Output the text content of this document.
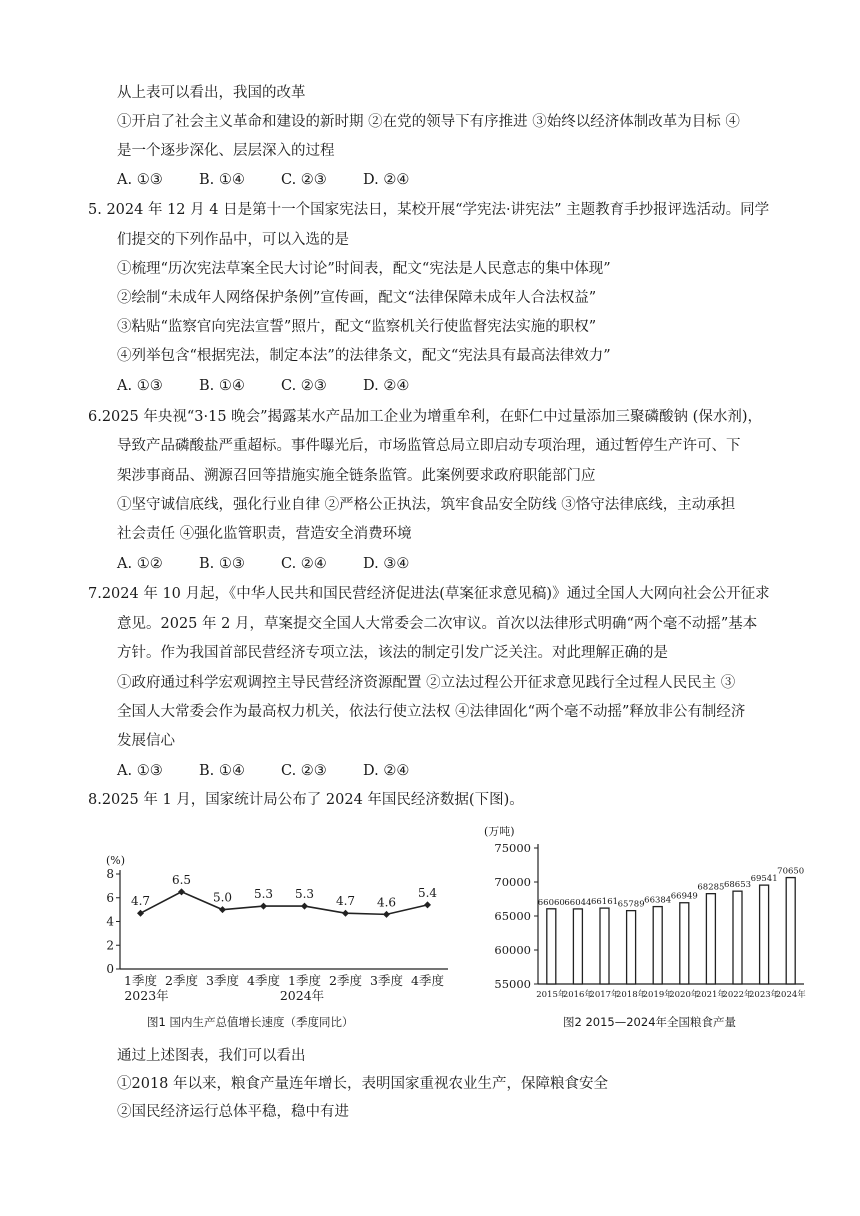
从上表可以看出，我国的改革
①开启了社会主义革命和建设的新时期 ②在党的领导下有序推进 ③始终以经济体制改革为目标 ④
是一个逐步深化、层层深入的过程
A. ①③	B. ①④ C. ②③ D. ②④
5. 2024 年 12 月 4 日是第十一个国家宪法日，某校开展“学宪法·讲宪法” 主题教育手抄报评选活动。同学
们提交的下列作品中，可以入选的是
①梳理“历次宪法草案全民大讨论”时间表，配文“宪法是人民意志的集中体现”
②绘制“未成年人网络保护条例”宣传画，配文“法律保障未成年人合法权益”
③粘贴“监察官向宪法宣誓”照片，配文“监察机关行使监督宪法实施的职权”
④列举包含“根据宪法，制定本法”的法律条文，配文“宪法具有最高法律效力”
A. ①③	B. ①④ C. ②③ D. ②④
6.2025 年央视“3·15 晚会”揭露某水产品加工企业为增重牟利，在虾仁中过量添加三聚磷酸钠 (保水剂)，
导致产品磷酸盐严重超标。事件曝光后，市场监管总局立即启动专项治理，通过暂停生产许可、下
架涉事商品、溯源召回等措施实施全链条监管。此案例要求政府职能部门应
①坚守诚信底线，强化行业自律 ②严格公正执法，筑牢食品安全防线 ③恪守法律底线，主动承担
社会责任 ④强化监管职责，营造安全消费环境
A. ①②	B. ①③ C. ②④ D. ③④
7.2024 年 10 月起，《中华人民共和国民营经济促进法(草案征求意见稿)》通过全国人大网向社会公开征求
意见。2025 年 2 月，草案提交全国人大常委会二次审议。首次以法律形式明确“两个毫不动摇”基本
方针。作为我国首部民营经济专项立法，该法的制定引发广泛关注。对此理解正确的是
①政府通过科学宏观调控主导民营经济资源配置 ②立法过程公开征求意见践行全过程人民民主 ③
全国人大常委会作为最高权力机关，依法行使立法权 ④法律固化“两个毫不动摇”释放非公有制经济
发展信心
A. ①③	B. ①④ C. ②③ D. ②④
8.2025 年 1 月，国家统计局公布了 2024 年国民经济数据(下图)。
(%)
0
2
4
6
8
1季度 2季度 3季度 4季度 1季度 2季度 3季度 4季度
2023年	2024年
4.7
6.5
5.0 5.3 5.3
4.7 4.6
5.4
图1 国内生产总值增长速度（季度同比）
(万吨)
55000
60000
65000
70000
75000
66060
2015年
66044
2016年
66161
2017年
65789
2018年
66384
2019年
66949
2020年
68285
2021年
68653
2022年
69541
2023年
70650
2024年
图2 2015—2024年全国粮食产量
通过上述图表，我们可以看出
①2018 年以来，粮食产量连年增长，表明国家重视农业生产，保障粮食安全
②国民经济运行总体平稳，稳中有进
